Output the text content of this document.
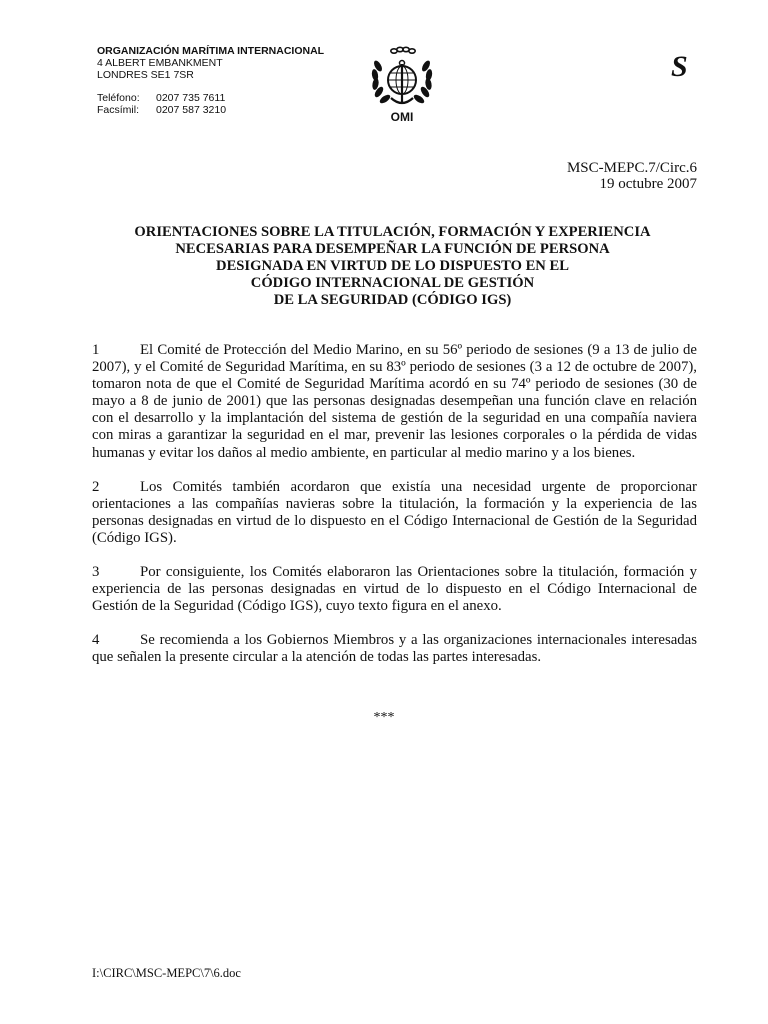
ORGANIZACIÓN MARÍTIMA INTERNACIONAL
4 ALBERT EMBANKMENT
LONDRES SE1 7SR
Teléfono:	0207 735 7611
Facsímil:	0207 587 3210	OMI
S
MSC-MEPC.7/Circ.6
19 octubre 2007
ORIENTACIONES SOBRE LA TITULACIÓN, FORMACIÓN Y EXPERIENCIA
NECESARIAS PARA DESEMPEÑAR LA FUNCIÓN DE PERSONA
DESIGNADA EN VIRTUD DE LO DISPUESTO EN EL
CÓDIGO INTERNACIONAL DE GESTIÓN
DE LA SEGURIDAD (CÓDIGO IGS)

1	El Comité de Protección del Medio Marino, en su 56º periodo de sesiones (9 a 13 de julio de 2007), y el Comité de Seguridad Marítima, en su 83º periodo de sesiones (3 a 12 de octubre de 2007), tomaron nota de que el Comité de Seguridad Marítima acordó en su 74º periodo de sesiones (30 de mayo a 8 de junio de 2001) que las personas designadas desempeñan una función clave en relación con el desarrollo y la implantación del sistema de gestión de la seguridad en una compañía naviera con miras a garantizar la seguridad en el mar, prevenir las lesiones corporales o la pérdida de vidas humanas y evitar los daños al medio ambiente, en particular al medio marino y a los bienes.

2	Los Comités también acordaron que existía una necesidad urgente de proporcionar orientaciones a las compañías navieras sobre la titulación, la formación y la experiencia de las personas designadas en virtud de lo dispuesto en el Código Internacional de Gestión de la Seguridad (Código IGS).

3	Por consiguiente, los Comités elaboraron las Orientaciones sobre la titulación, formación y experiencia de las personas designadas en virtud de lo dispuesto en el Código Internacional de Gestión de la Seguridad (Código IGS), cuyo texto figura en el anexo.

4	Se recomienda a los Gobiernos Miembros y a las organizaciones internacionales interesadas que señalen la presente circular a la atención de todas las partes interesadas.

***
I:\CIRC\MSC-MEPC\7\6.doc
